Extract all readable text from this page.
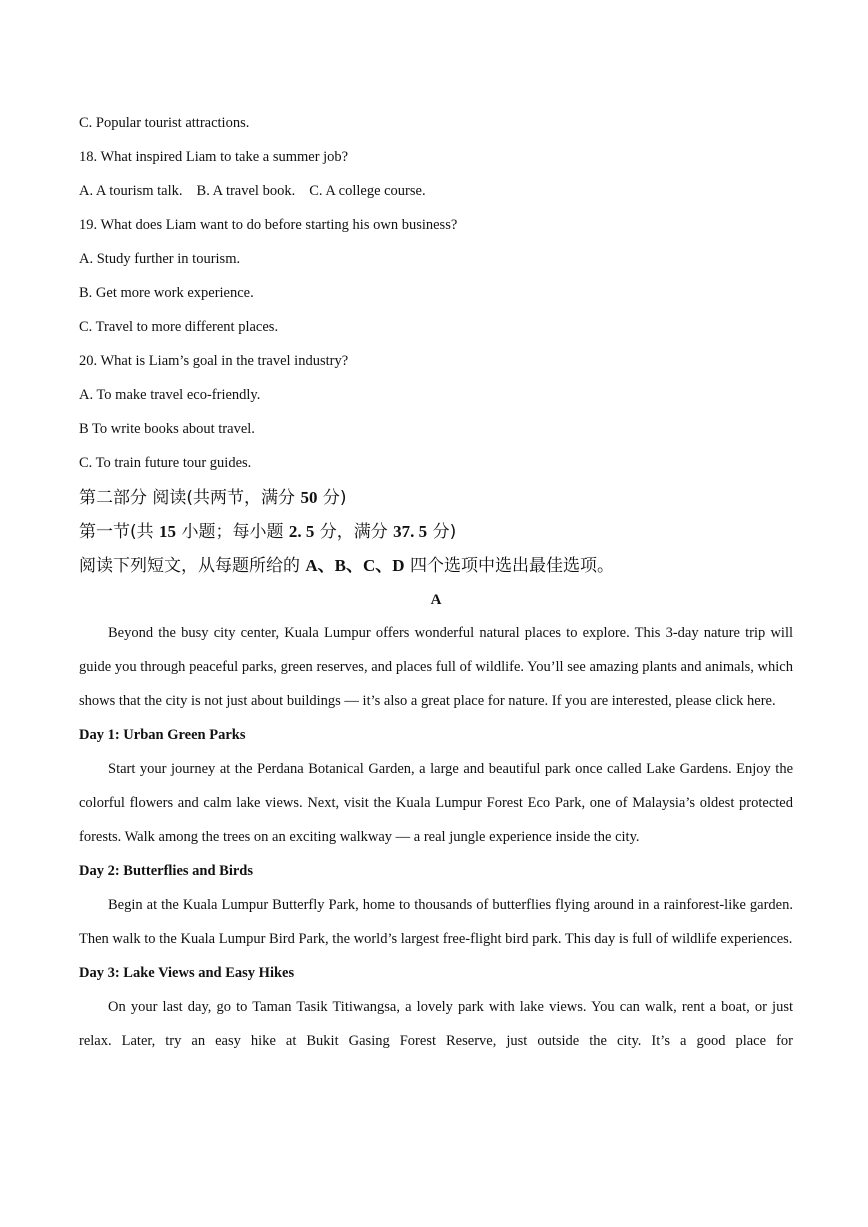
C. Popular tourist attractions.
18. What inspired Liam to take a summer job?
A. A tourism talk. B. A travel book. C. A college course.
19. What does Liam want to do before starting his own business?
A. Study further in tourism.
B. Get more work experience.
C. Travel to more different places.
20. What is Liam’s goal in the travel industry?
A. To make travel eco-friendly.
B To write books about travel.
C. To train future tour guides.
第二部分 阅读(共两节，满分 50 分)
第一节(共 15 小题；每小题 2. 5 分，满分 37. 5 分)
阅读下列短文，从每题所给的 A、B、C、D 四个选项中选出最佳选项。
A
Beyond the busy city center, Kuala Lumpur offers wonderful natural places to explore. This 3-day nature trip will guide you through peaceful parks, green reserves, and places full of wildlife. You’ll see amazing plants and animals, which shows that the city is not just about buildings — it’s also a great place for nature. If you are interested, please click here.
Day 1: Urban Green Parks
Start your journey at the Perdana Botanical Garden, a large and beautiful park once called Lake Gardens. Enjoy the colorful flowers and calm lake views. Next, visit the Kuala Lumpur Forest Eco Park, one of Malaysia’s oldest protected forests. Walk among the trees on an exciting walkway — a real jungle experience inside the city.
Day 2: Butterflies and Birds
Begin at the Kuala Lumpur Butterfly Park, home to thousands of butterflies flying around in a rainforest-like garden. Then walk to the Kuala Lumpur Bird Park, the world’s largest free-flight bird park. This day is full of wildlife experiences.
Day 3: Lake Views and Easy Hikes
On your last day, go to Taman Tasik Titiwangsa, a lovely park with lake views. You can walk, rent a boat, or just relax. Later, try an easy hike at Bukit Gasing Forest Reserve, just outside the city. It’s a good place for
